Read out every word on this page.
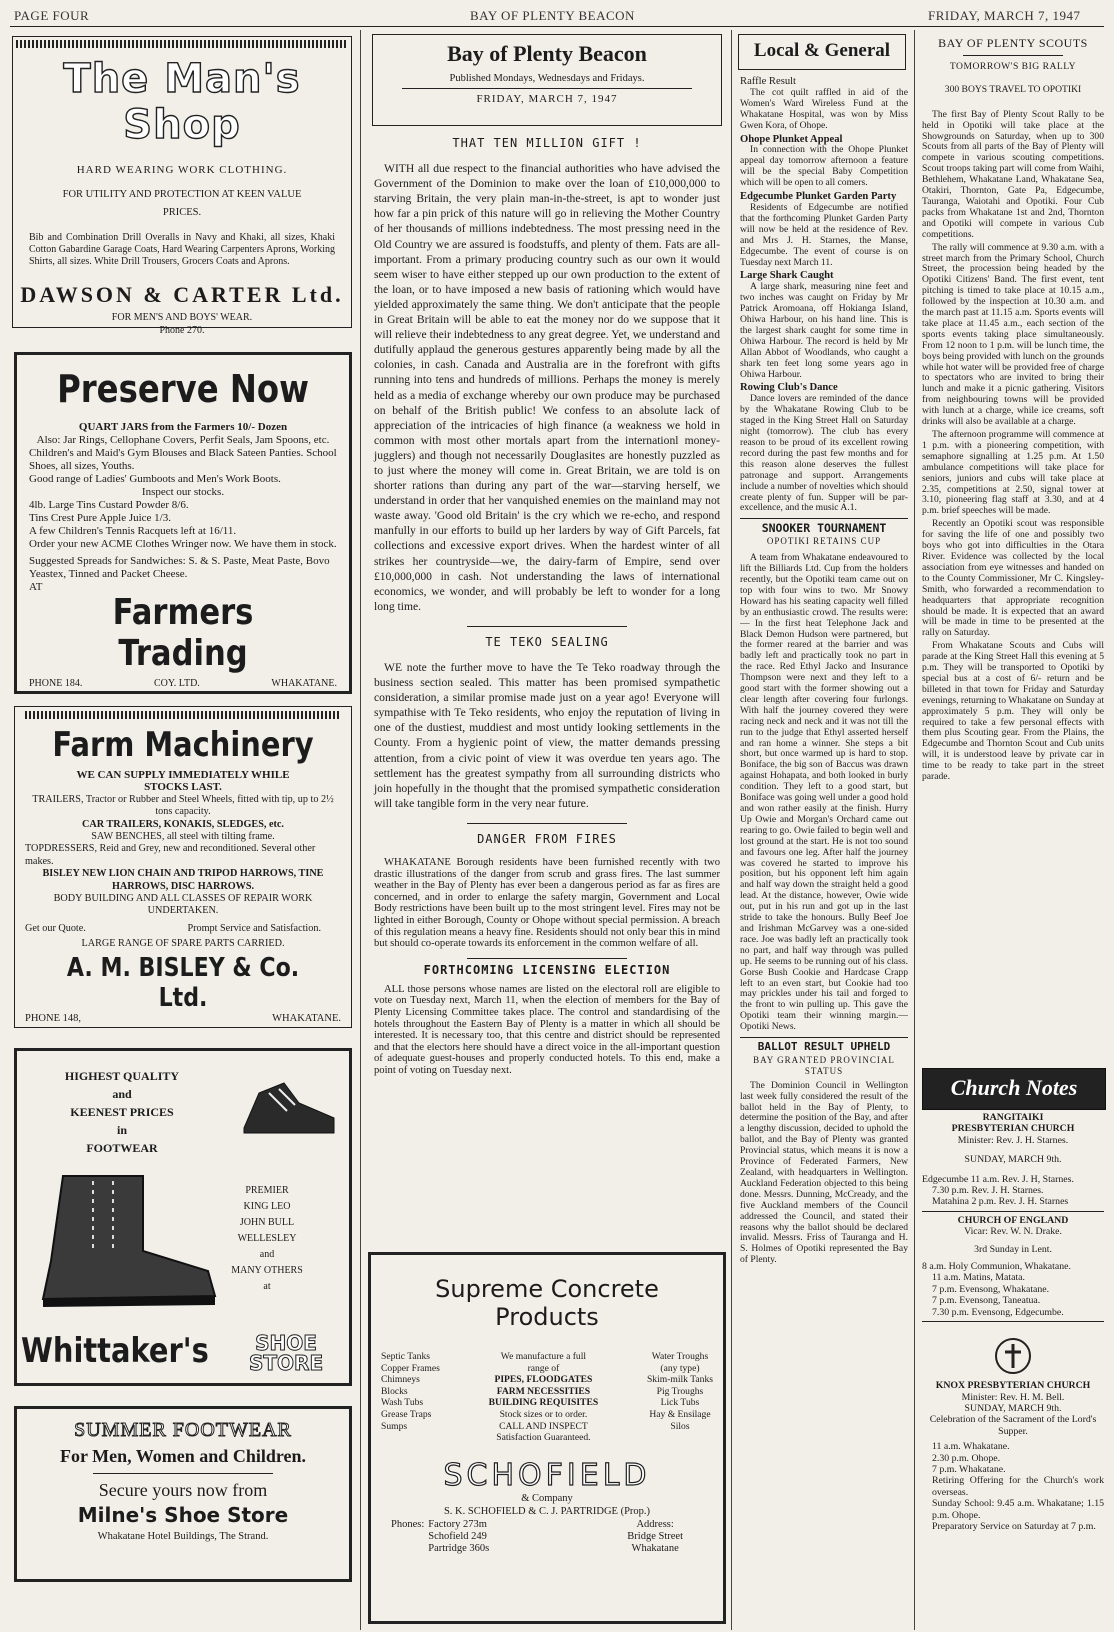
PAGE FOUR	BAY OF PLENTY BEACON	FRIDAY, MARCH 7, 1947
The Man's Shop
HARD WEARING WORK CLOTHING.
FOR UTILITY AND PROTECTION AT KEEN VALUE PRICES.
Bib and Combination Drill Overalls in Navy and Khaki, all sizes, Khaki Cotton Gabardine Garage Coats, Hard Wearing Carpenters Aprons, Working Shirts, all sizes. White Drill Trousers, Grocers Coats and Aprons.
DAWSON & CARTER Ltd.
FOR MEN'S AND BOYS' WEAR.
Phone 270.
Preserve Now
QUART JARS from the Farmers 10/- Dozen
Also: Jar Rings, Cellophane Covers, Perfit Seals, Jam Spoons, etc.
Children's and Maid's Gym Blouses and Black Sateen Panties. School Shoes, all sizes, Youths.
Good range of Ladies' Gumboots and Men's Work Boots.
Inspect our stocks.
4lb. Large Tins Custard Powder 8/6.
Tins Crest Pure Apple Juice 1/3.
A few Children's Tennis Racquets left at 16/11.
Order your new ACME Clothes Wringer now. We have them in stock.
Suggested Spreads for Sandwiches: S. & S. Paste, Meat Paste, Bovo Yeastex, Tinned and Packet Cheese.
AT
Farmers Trading
PHONE 184.	COY. LTD.	WHAKATANE.
Farm Machinery
WE CAN SUPPLY IMMEDIATELY WHILE STOCKS LAST.
TRAILERS, Tractor or Rubber and Steel Wheels, fitted with tip, up to 2½ tons capacity.
CAR TRAILERS, KONAKIS, SLEDGES, etc.
SAW BENCHES, all steel with tilting frame.
TOPDRESSERS, Reid and Grey, new and reconditioned. Several other makes.
BISLEY NEW LION CHAIN AND TRIPOD HARROWS, TINE HARROWS, DISC HARROWS.
BODY BUILDING AND ALL CLASSES OF REPAIR WORK UNDERTAKEN.
Get our Quote.	Prompt Service and Satisfaction.
LARGE RANGE OF SPARE PARTS CARRIED.
A. M. BISLEY & Co. Ltd.
PHONE 148,	WHAKATANE.
HIGHEST QUALITY
and
KEENEST PRICES
in
FOOTWEAR
PREMIER
KING LEO
JOHN BULL
WELLESLEY
and
MANY OTHERS
at
Whittaker's	SHOE
STORE
SUMMER FOOTWEAR
For Men, Women and Children.
Secure yours now from
Milne's Shoe Store
Whakatane Hotel Buildings, The Strand.
Bay of Plenty Beacon
Published Mondays, Wednesdays and Fridays.
FRIDAY, MARCH 7, 1947
THAT TEN MILLION GIFT !

WITH all due respect to the financial authorities who have advised the Government of the Dominion to make over the loan of £10,000,000 to starving Britain, the very plain man-in-the-street, is apt to wonder just how far a pin prick of this nature will go in relieving the Mother Country of her thousands of millions indebtedness. The most pressing need in the Old Country we are assured is foodstuffs, and plenty of them. Fats are all-important. From a primary producing country such as our own it would seem wiser to have either stepped up our own production to the extent of the loan, or to have imposed a new basis of rationing which would have yielded approximately the same thing. We don't anticipate that the people in Great Britain will be able to eat the money nor do we suppose that it will relieve their indebtedness to any great degree. Yet, we understand and dutifully applaud the generous gestures apparently being made by all the colonies, in cash. Canada and Australia are in the forefront with gifts running into tens and hundreds of millions. Perhaps the money is merely held as a media of exchange whereby our own produce may be purchased on behalf of the British public! We confess to an absolute lack of appreciation of the intricacies of high finance (a weakness we hold in common with most other mortals apart from the internationl money-jugglers) and though not necessarily Douglasites are honestly puzzled as to just where the money will come in. Great Britain, we are told is on shorter rations than during any part of the war—starving herself, we understand in order that her vanquished enemies on the mainland may not waste away. 'Good old Britain' is the cry which we re-echo, and respond manfully in our efforts to build up her larders by way of Gift Parcels, fat collections and excessive export drives. When the hardest winter of all strikes her countryside—we, the dairy-farm of Empire, send over £10,000,000 in cash. Not understanding the laws of international economics, we wonder, and will probably be left to wonder for a long long time.

TE TEKO SEALING

WE note the further move to have the Te Teko roadway through the business section sealed. This matter has been promised sympathetic consideration, a similar promise made just on a year ago! Everyone will sympathise with Te Teko residents, who enjoy the reputation of living in one of the dustiest, muddiest and most untidy looking settlements in the County. From a hygienic point of view, the matter demands pressing attention, from a civic point of view it was overdue ten years ago. The settlement has the greatest sympathy from all surrounding districts who join hopefully in the thought that the promised sympathetic consideration will take tangible form in the very near future.

DANGER FROM FIRES

WHAKATANE Borough residents have been furnished recently with two drastic illustrations of the danger from scrub and grass fires. The last summer weather in the Bay of Plenty has ever been a dangerous period as far as fires are concerned, and in order to enlarge the safety margin, Government and Local Body restrictions have been built up to the most stringent level. Fires may not be lighted in either Borough, County or Ohope without special permission. A breach of this regulation means a heavy fine. Residents should not only bear this in mind but should co-operate towards its enforcement in the common welfare of all.

FORTHCOMING LICENSING ELECTION

ALL those persons whose names are listed on the electoral roll are eligible to vote on Tuesday next, March 11, when the election of members for the Bay of Plenty Licensing Committee takes place. The control and standardising of the hotels throughout the Eastern Bay of Plenty is a matter in which all should be interested. It is necessary too, that this centre and district should be represented and that the electors here should have a direct voice in the all-important question of adequate guest-houses and properly conducted hotels. To this end, make a point of voting on Tuesday next.

Supreme Concrete
Products
Septic Tanks
Copper Frames
Chimneys
Blocks
Wash Tubs
Grease Traps
Sumps
We manufacture a full
range of
PIPES, FLOODGATES
FARM NECESSITIES
BUILDING REQUISITES
Stock sizes or to order.
CALL AND INSPECT
Satisfaction Guaranteed.
Water Troughs
(any type)
Skim-milk Tanks
Pig Troughs
Lick Tubs
Hay & Ensilage
Silos
SCHOFIELD
& Company
S. K. SCHOFIELD & C. J. PARTRIDGE (Prop.)
Phones: Factory 273m
Schofield 249
Partridge 360s
Address:
Bridge Street
Whakatane
Local & General
Raffle Result

The cot quilt raffled in aid of the Women's Ward Wireless Fund at the Whakatane Hospital, was won by Miss Gwen Kora, of Ohope.

Ohope Plunket Appeal

In connection with the Ohope Plunket appeal day tomorrow afternoon a feature will be the special Baby Competition which will be open to all comers.

Edgecumbe Plunket Garden Party

Residents of Edgecumbe are notified that the forthcoming Plunket Garden Party will now be held at the residence of Rev. and Mrs J. H. Starnes, the Manse, Edgecumbe. The event of course is on Tuesday next March 11.

Large Shark Caught

A large shark, measuring nine feet and two inches was caught on Friday by Mr Patrick Aromoana, off Hokianga Island, Ohiwa Harbour, on his hand line. This is the largest shark caught for some time in Ohiwa Harbour. The record is held by Mr Allan Abbot of Woodlands, who caught a shark ten feet long some years ago in Ohiwa Harbour.

Rowing Club's Dance

Dance lovers are reminded of the dance by the Whakatane Rowing Club to be staged in the King Street Hall on Saturday night (tomorrow). The club has every reason to be proud of its excellent rowing record during the past few months and for this reason alone deserves the fullest patronage and support. Arrangements include a number of novelties which should create plenty of fun. Supper will be par-excellence, and the music A.1.

SNOOKER TOURNAMENT
OPOTIKI RETAINS CUP

A team from Whakatane endeavoured to lift the Billiards Ltd. Cup from the holders recently, but the Opotiki team came out on top with four wins to two. Mr Snowy Howard has his seating capacity well filled by an enthusiastic crowd. The results were:— In the first heat Telephone Jack and Black Demon Hudson were partnered, but the former reared at the barrier and was badly left and practically took no part in the race. Red Ethyl Jacko and Insurance Thompson were next and they left to a good start with the former showing out a clear length after covering four furlongs. With half the journey covered they were racing neck and neck and it was not till the run to the judge that Ethyl asserted herself and ran home a winner. She steps a bit short, but once warmed up is hard to stop. Boniface, the big son of Baccus was drawn against Hohapata, and both looked in burly condition. They left to a good start, but Boniface was going well under a good hold and won rather easily at the finish. Hurry Up Owie and Morgan's Orchard came out rearing to go. Owie failed to begin well and lost ground at the start. He is not too sound and favours one leg. After half the journey was covered he started to improve his position, but his opponent left him again and half way down the straight held a good lead. At the distance, however, Owie wide out, put in his run and got up in the last stride to take the honours. Bully Beef Joe and Irishman McGarvey was a one-sided race. Joe was badly left an practically took no part, and half way through was pulled up. He seems to be running out of his class. Gorse Bush Cookie and Hardcase Crapp left to an even start, but Cookie had too may prickles under his tail and forged to the front to win pulling up. This gave the Opotiki team their winning margin.—Opotiki News.

BALLOT RESULT UPHELD
BAY GRANTED PROVINCIAL STATUS

The Dominion Council in Wellington last week fully considered the result of the ballot held in the Bay of Plenty, to determine the position of the Bay, and after a lengthy discussion, decided to uphold the ballot, and the Bay of Plenty was granted Provincial status, which means it is now a Province of Federated Farmers, New Zealand, with headquarters in Wellington. Auckland Federation objected to this being done. Messrs. Dunning, McCready, and the five Auckland members of the Council addressed the Council, and stated their reasons why the ballot should be declared invalid. Messrs. Friss of Tauranga and H. S. Holmes of Opotiki represented the Bay of Plenty.

BAY OF PLENTY SCOUTS
TOMORROW'S BIG RALLY
300 BOYS TRAVEL TO OPOTIKI

The first Bay of Plenty Scout Rally to be held in Opotiki will take place at the Showgrounds on Saturday, when up to 300 Scouts from all parts of the Bay of Plenty will compete in various scouting competitions. Scout troops taking part will come from Waihi, Bethlehem, Whakatane Land, Whakatane Sea, Otakiri, Thornton, Gate Pa, Edgecumbe, Tauranga, Waiotahi and Opotiki. Four Cub packs from Whakatane 1st and 2nd, Thornton and Opotiki will compete in various Cub competitions.

The rally will commence at 9.30 a.m. with a street march from the Primary School, Church Street, the procession being headed by the Opotiki Citizens' Band. The first event, tent pitching is timed to take place at 10.15 a.m., followed by the inspection at 10.30 a.m. and the march past at 11.15 a.m. Sports events will take place at 11.45 a.m., each section of the sports events taking place simultaneously. From 12 noon to 1 p.m. will be lunch time, the boys being provided with lunch on the grounds while hot water will be provided free of charge to spectators who are invited to bring their lunch and make it a picnic gathering. Visitors from neighbouring towns will be provided with lunch at a charge, while ice creams, soft drinks will also be available at a charge.

The afternoon programme will commence at 1 p.m. with a pioneering competition, with semaphore signalling at 1.25 p.m. At 1.50 ambulance competitions will take place for seniors, juniors and cubs will take place at 2.35, competitions at 2.50, signal tower at 3.10, pioneering flag staff at 3.30, and at 4 p.m. brief speeches will be made.

Recently an Opotiki scout was responsible for saving the life of one and possibly two boys who got into difficulties in the Otara River. Evidence was collected by the local association from eye witnesses and handed on to the County Commissioner, Mr C. Kingsley-Smith, who forwarded a recommendation to headquarters that appropriate recognition should be made. It is expected that an award will be made in time to be presented at the rally on Saturday.

From Whakatane Scouts and Cubs will parade at the King Street Hall this evening at 5 p.m. They will be transported to Opotiki by special bus at a cost of 6/- return and be billeted in that town for Friday and Saturday evenings, returning to Whakatane on Sunday at approximately 5 p.m. They will only be required to take a few personal effects with them plus Scouting gear. From the Plains, the Edgecumbe and Thornton Scout and Cub units will, it is understood leave by private car in time to be ready to take part in the street parade.

Church Notes
RANGITAIKI
PRESBYTERIAN CHURCH
Minister: Rev. J. H. Starnes.
SUNDAY, MARCH 9th.
Edgecumbe 11 a.m. Rev. J. H, Starnes.
7.30 p.m. Rev. J. H. Starnes.
Matahina 2 p.m. Rev. J. H. Starnes
CHURCH OF ENGLAND
Vicar: Rev. W. N. Drake.
3rd Sunday in Lent.
8 a.m. Holy Communion, Whakatane.
11 a.m. Matins, Matata.
7 p.m. Evensong, Whakatane.
7 p.m. Evensong, Taneatua.
7.30 p.m. Evensong, Edgecumbe.
KNOX PRESBYTERIAN CHURCH
Minister: Rev. H. M. Bell.
SUNDAY, MARCH 9th.
Celebration of the Sacrament of the Lord's Supper.
11 a.m. Whakatane.
2.30 p.m. Ohope.
7 p.m. Whakatane.
Retiring Offering for the Church's work overseas.
Sunday School: 9.45 a.m. Whakatane; 1.15 p.m. Ohope.
Preparatory Service on Saturday at 7 p.m.
